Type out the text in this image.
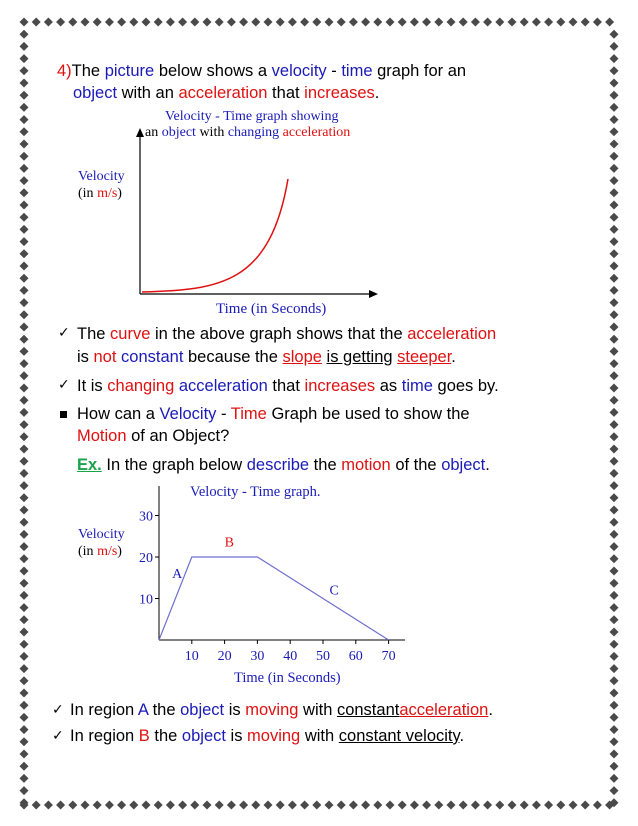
4)The picture below shows a velocity - time graph for an
object with an acceleration that increases.
Velocity - Time graph showing
an object with changing acceleration
Velocity
(in m/s)
Time (in Seconds)
✓ The curve in the above graph shows that the acceleration
is not constant because the slope is getting steeper.
✓ It is changing acceleration that increases as time goes by.
How can a Velocity - Time Graph be used to show the
Motion of an Object?
Ex. In the graph below describe the motion of the object.
Velocity - Time graph.
Velocity
(in m/s)
10
20
30
10 20 30 40 50 60 70
A
B
C
Time (in Seconds)
✓ In region A the object is moving with constantacceleration.
✓ In region B the object is moving with constant velocity.
